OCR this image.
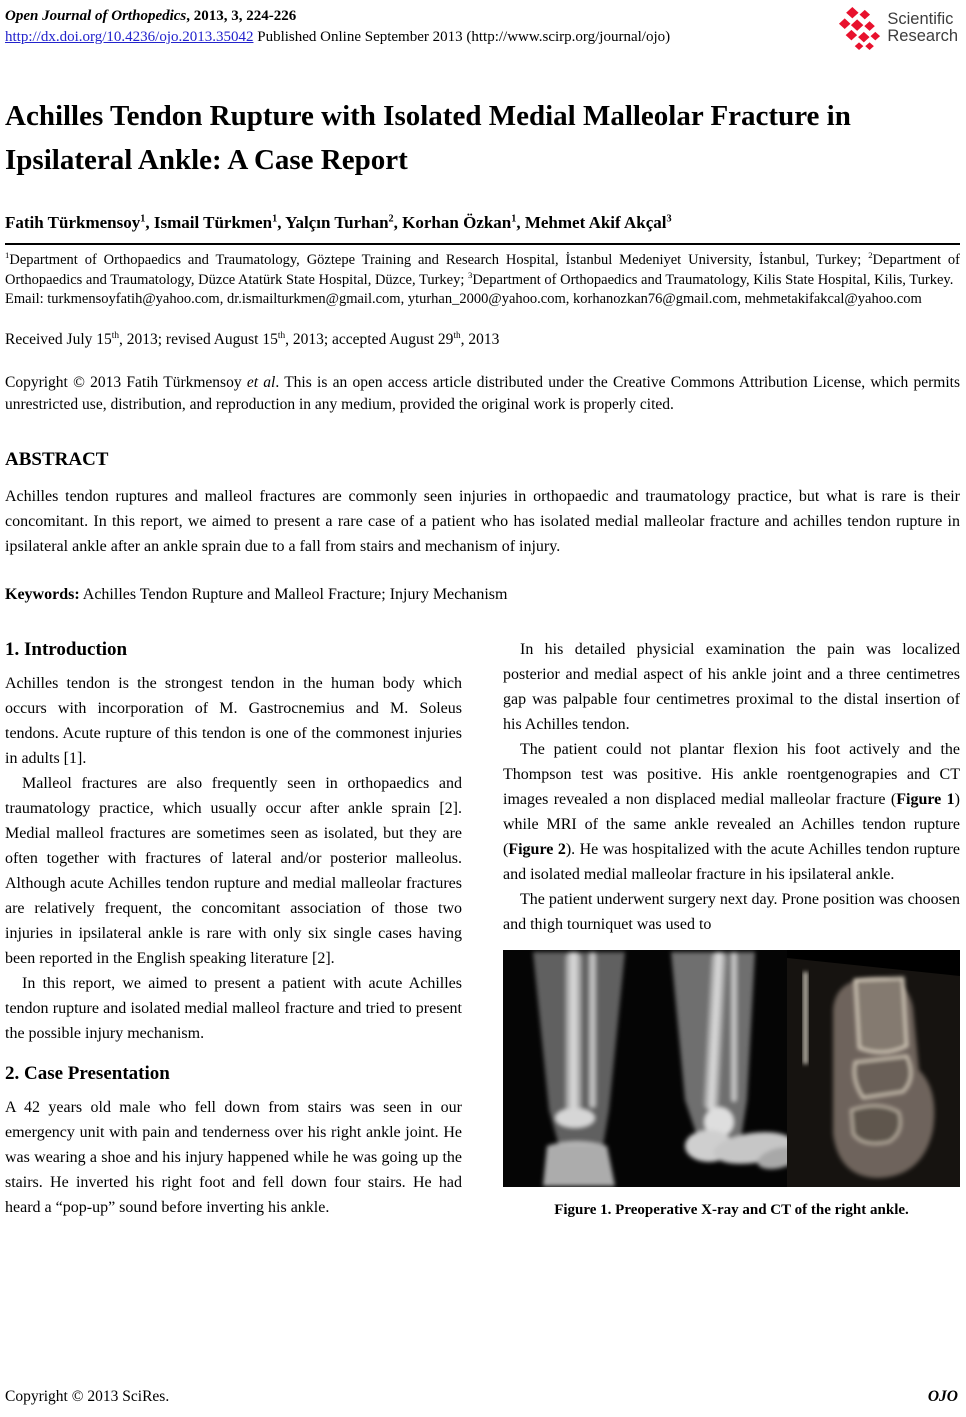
Open Journal of Orthopedics, 2013, 3, 224-226
http://dx.doi.org/10.4236/ojo.2013.35042 Published Online September 2013 (http://www.scirp.org/journal/ojo)
Scientific
Research
Achilles Tendon Rupture with Isolated Medial Malleolar Fracture in Ipsilateral Ankle: A Case Report
Fatih Türkmensoy$^1$, Ismail Türkmen$^1$, Yalçın Turhan$^2$, Korhan Özkan$^1$, Mehmet Akif Akçal$^3$
$^1$Department of Orthopaedics and Traumatology, Göztepe Training and Research Hospital, İstanbul Medeniyet University, İstanbul, Turkey; $^2$Department of Orthopaedics and Traumatology, Düzce Atatürk State Hospital, Düzce, Turkey; $^3$Department of Orthopaedics and Traumatology, Kilis State Hospital, Kilis, Turkey.
Email: turkmensoyfatih@yahoo.com, dr.ismailturkmen@gmail.com, yturhan_2000@yahoo.com, korhanozkan76@gmail.com, mehmetakifakcal@yahoo.com
Received July 15th, 2013; revised August 15th, 2013; accepted August 29th, 2013
Copyright © 2013 Fatih Türkmensoy et al. This is an open access article distributed under the Creative Commons Attribution License, which permits unrestricted use, distribution, and reproduction in any medium, provided the original work is properly cited.
ABSTRACT
Achilles tendon ruptures and malleol fractures are commonly seen injuries in orthopaedic and traumatology practice, but what is rare is their concomitant. In this report, we aimed to present a rare case of a patient who has isolated medial malleolar fracture and achilles tendon rupture in ipsilateral ankle after an ankle sprain due to a fall from stairs and mechanism of injury.
Keywords: Achilles Tendon Rupture and Malleol Fracture; Injury Mechanism
1. Introduction

Achilles tendon is the strongest tendon in the human body which occurs with incorporation of M. Gastrocnemius and M. Soleus tendons. Acute rupture of this tendon is one of the commonest injuries in adults [1].

Malleol fractures are also frequently seen in orthopaedics and traumatology practice, which usually occur after ankle sprain [2]. Medial malleol fractures are sometimes seen as isolated, but they are often together with fractures of lateral and/or posterior malleolus. Although acute Achilles tendon rupture and medial malleolar fractures are relatively frequent, the concomitant association of those two injuries in ipsilateral ankle is rare with only six single cases having been reported in the English speaking literature [2].

In this report, we aimed to present a patient with acute Achilles tendon rupture and isolated medial malleol fracture and tried to present the possible injury mechanism.

2. Case Presentation

A 42 years old male who fell down from stairs was seen in our emergency unit with pain and tenderness over his right ankle joint. He was wearing a shoe and his injury happened while he was going up the stairs. He inverted his right foot and fell down four stairs. He had heard a “pop-up” sound before inverting his ankle.

In his detailed physicial examination the pain was localized posterior and medial aspect of his ankle joint and a three centimetres gap was palpable four centimetres proximal to the distal insertion of his Achilles tendon.

The patient could not plantar flexion his foot actively and the Thompson test was positive. His ankle roentgenograpies and CT images revealed a non displaced medial malleolar fracture (Figure 1) while MRI of the same ankle revealed an Achilles tendon rupture (Figure 2). He was hospitalized with the acute Achilles tendon rupture and isolated medial malleolar fracture in his ipsilateral ankle.

The patient underwent surgery next day. Prone position was choosen and thigh tourniquet was used to

Figure 1. Preoperative X-ray and CT of the right ankle.
Copyright © 2013 SciRes.	OJO
